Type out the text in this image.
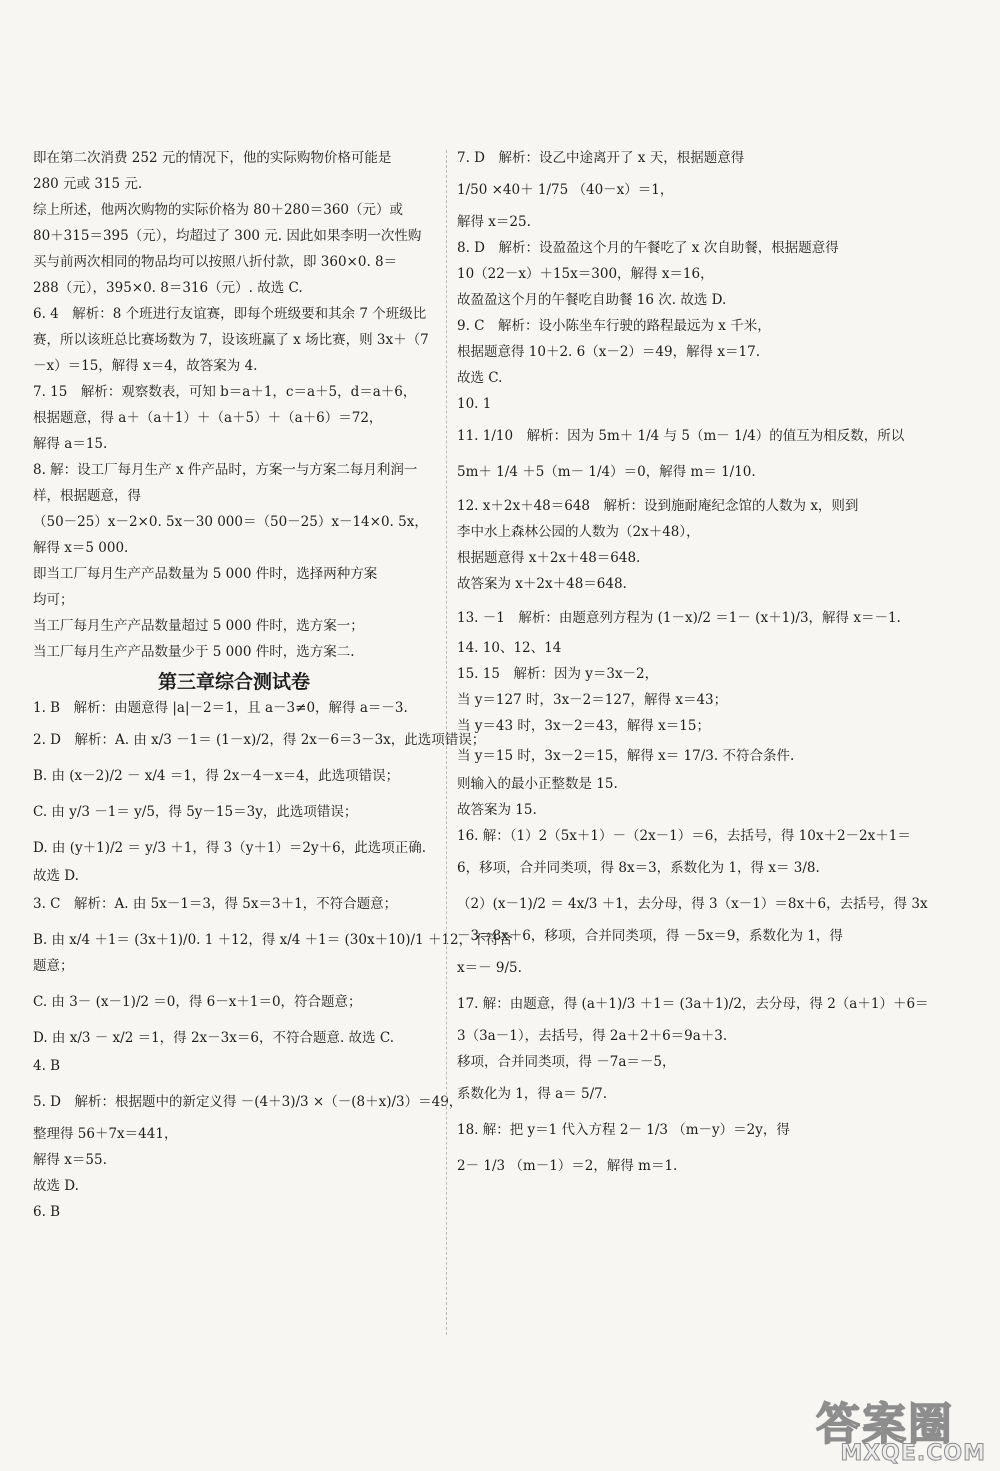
即在第二次消费 252 元的情况下，他的实际购物价格可能是
280 元或 315 元.
综上所述，他两次购物的实际价格为 80＋280＝360（元）或
80＋315＝395（元），均超过了 300 元. 因此如果李明一次性购
买与前两次相同的物品均可以按照八折付款，即 360×0. 8＝
288（元），395×0. 8＝316（元）. 故选 C.
6. 4　解析：8 个班进行友谊赛，即每个班级要和其余 7 个班级比
赛，所以该班总比赛场数为 7，设该班赢了 x 场比赛，则 3x＋（7
－x）＝15，解得 x＝4，故答案为 4.
7. 15　解析：观察数表，可知 b＝a＋1，c＝a＋5，d＝a＋6，
根据题意，得 a＋（a＋1）＋（a＋5）＋（a＋6）＝72，
解得 a＝15.
8. 解：设工厂每月生产 x 件产品时，方案一与方案二每月利润一
样，根据题意，得
（50－25）x－2×0. 5x－30 000＝（50－25）x－14×0. 5x，
解得 x＝5 000.
即当工厂每月生产产品数量为 5 000 件时，选择两种方案
均可；
当工厂每月生产产品数量超过 5 000 件时，选方案一；
当工厂每月生产产品数量少于 5 000 件时，选方案二.
第三章综合测试卷
1. B　解析：由题意得 |a|－2＝1，且 a－3≠0，解得 a＝－3.
2. D　解析：A. 由 x/3 －1＝ (1－x)/2，得 2x－6＝3－3x，此选项错误；
B. 由 (x－2)/2 － x/4 ＝1，得 2x－4－x＝4，此选项错误；
C. 由 y/3 －1＝ y/5，得 5y－15＝3y，此选项错误；
D. 由 (y＋1)/2 ＝ y/3 ＋1，得 3（y＋1）＝2y＋6，此选项正确.
故选 D.
3. C　解析：A. 由 5x－1＝3，得 5x＝3＋1，不符合题意；
B. 由 x/4 ＋1＝ (3x＋1)/0. 1 ＋12，得 x/4 ＋1＝ (30x＋10)/1 ＋12，不符合
题意；
C. 由 3－ (x－1)/2 ＝0，得 6－x＋1＝0，符合题意；
D. 由 x/3 － x/2 ＝1，得 2x－3x＝6，不符合题意. 故选 C.
4. B
5. D　解析：根据题中的新定义得 －(4＋3)/3 ×（－(8＋x)/3）＝49，
整理得 56＋7x＝441，
解得 x＝55.
故选 D.
6. B
7. D　解析：设乙中途离开了 x 天，根据题意得
1/50 ×40＋ 1/75 （40－x）＝1，
解得 x＝25.
8. D　解析：设盈盈这个月的午餐吃了 x 次自助餐，根据题意得
10（22－x）＋15x＝300，解得 x＝16，
故盈盈这个月的午餐吃自助餐 16 次. 故选 D.
9. C　解析：设小陈坐车行驶的路程最远为 x 千米，
根据题意得 10＋2. 6（x－2）＝49，解得 x＝17.
故选 C.
10. 1
11. 1/10　解析：因为 5m＋ 1/4 与 5（m－ 1/4）的值互为相反数，所以
5m＋ 1/4 ＋5（m－ 1/4）＝0，解得 m＝ 1/10.
12. x＋2x＋48＝648　解析：设到施耐庵纪念馆的人数为 x，则到
李中水上森林公园的人数为（2x＋48），
根据题意得 x＋2x＋48＝648.
故答案为 x＋2x＋48＝648.
13. －1　解析：由题意列方程为 (1－x)/2 ＝1－ (x＋1)/3，解得 x＝－1.
14. 10、12、14
15. 15　解析：因为 y＝3x－2，
当 y＝127 时，3x－2＝127，解得 x＝43；
当 y＝43 时，3x－2＝43，解得 x＝15；
当 y＝15 时，3x－2＝15，解得 x＝ 17/3. 不符合条件.
则输入的最小正整数是 15.
故答案为 15.
16. 解：（1）2（5x＋1）－（2x－1）＝6，去括号，得 10x＋2－2x＋1＝
6，移项，合并同类项，得 8x＝3，系数化为 1，得 x＝ 3/8.
（2）(x－1)/2 ＝ 4x/3 ＋1，去分母，得 3（x－1）＝8x＋6，去括号，得 3x
－3＝8x＋6，移项，合并同类项，得 －5x＝9，系数化为 1，得
x＝－ 9/5.
17. 解：由题意，得 (a＋1)/3 ＋1＝ (3a＋1)/2，去分母，得 2（a＋1）＋6＝
3（3a－1），去括号，得 2a＋2＋6＝9a＋3.
移项，合并同类项，得 －7a＝－5，
系数化为 1，得 a＝ 5/7.
18. 解：把 y＝1 代入方程 2－ 1/3 （m－y）＝2y，得
2－ 1/3 （m－1）＝2，解得 m＝1.
答案圈
MXQE.COM
